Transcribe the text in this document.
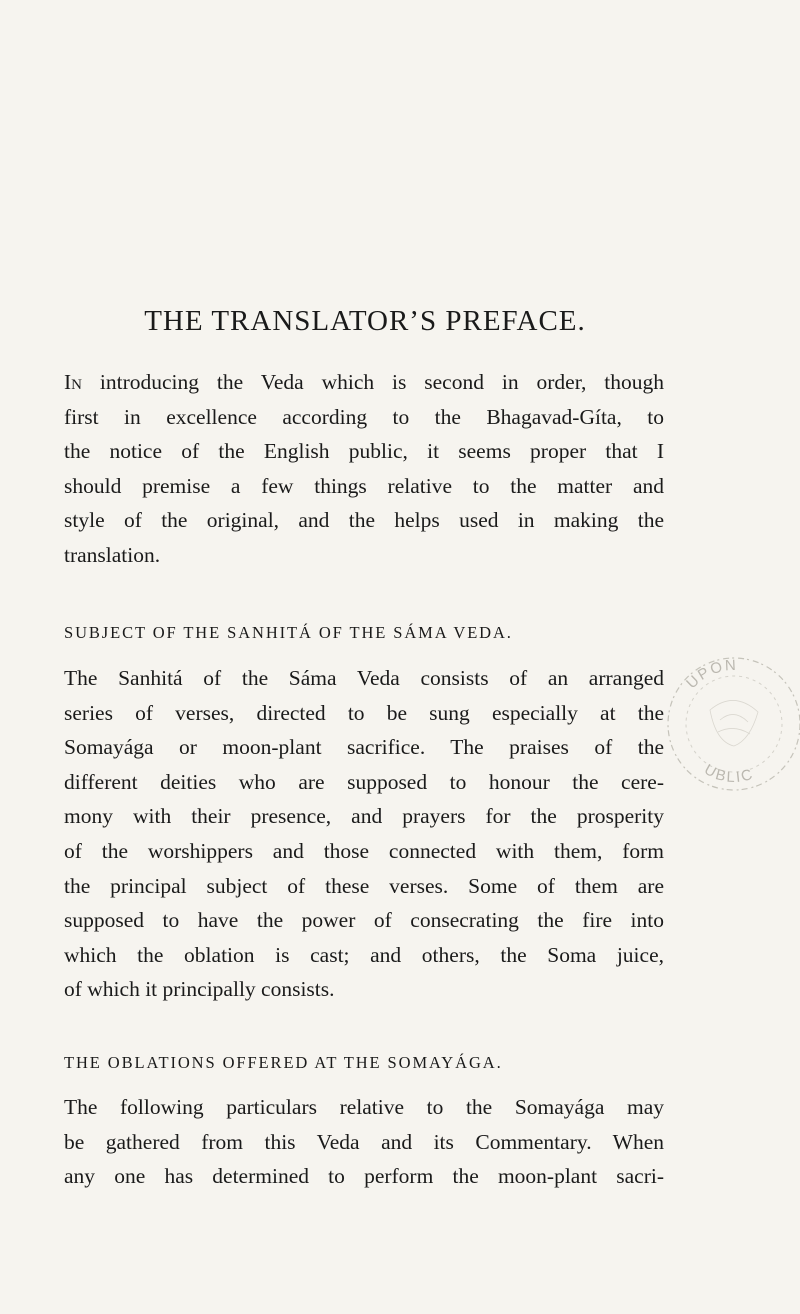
THE TRANSLATOR’S PREFACE.

In introducing the Veda which is second in order, though
first in excellence according to the Bhagavad-Gíta, to
the notice of the English public, it seems proper that I
should premise a few things relative to the matter and
style of the original, and the helps used in making the
translation.

SUBJECT OF THE SANHITÁ OF THE SÁMA VEDA.

The Sanhitá of the Sáma Veda consists of an arranged
series of verses, directed to be sung especially at the
Somayága or moon-plant sacrifice. The praises of the
different deities who are supposed to honour the cere-
mony with their presence, and prayers for the prosperity
of the worshippers and those connected with them, form
the principal subject of these verses. Some of them are
supposed to have the power of consecrating the fire into
which the oblation is cast; and others, the Soma juice,
of which it principally consists.

THE OBLATIONS OFFERED AT THE SOMAYÁGA.

The following particulars relative to the Somayága may
be gathered from this Veda and its Commentary. When
any one has determined to perform the moon-plant sacri-

UPON
UBLIC
